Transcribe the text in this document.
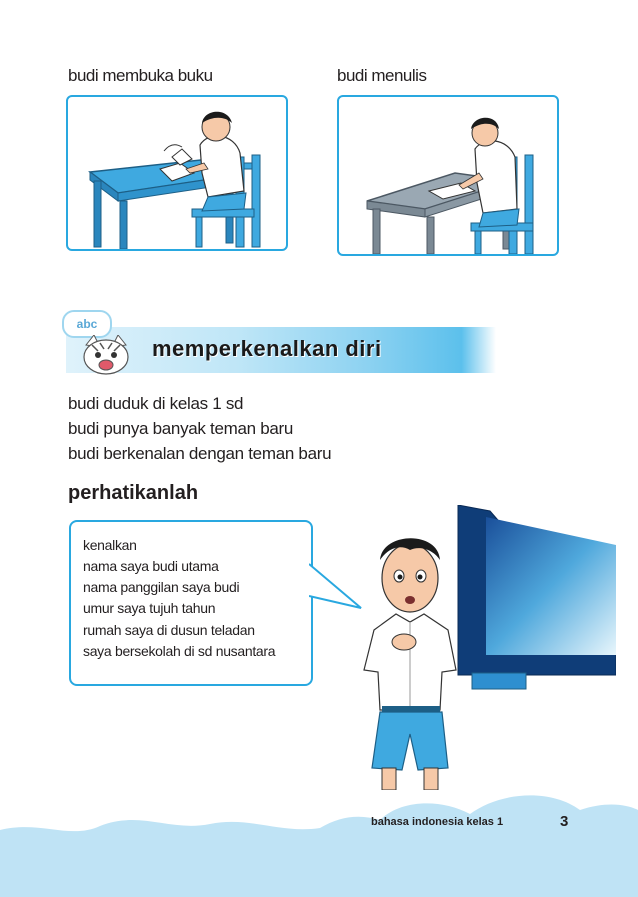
budi membuka buku	budi menulis
abc
memperkenalkan diri
budi duduk di kelas 1 sd
budi punya banyak teman baru
budi berkenalan dengan teman baru
perhatikanlah
kenalkan
nama saya budi utama
nama panggilan saya budi
umur saya tujuh tahun
rumah saya di dusun teladan
saya bersekolah di sd nusantara
bahasa indonesia kelas 1	3
